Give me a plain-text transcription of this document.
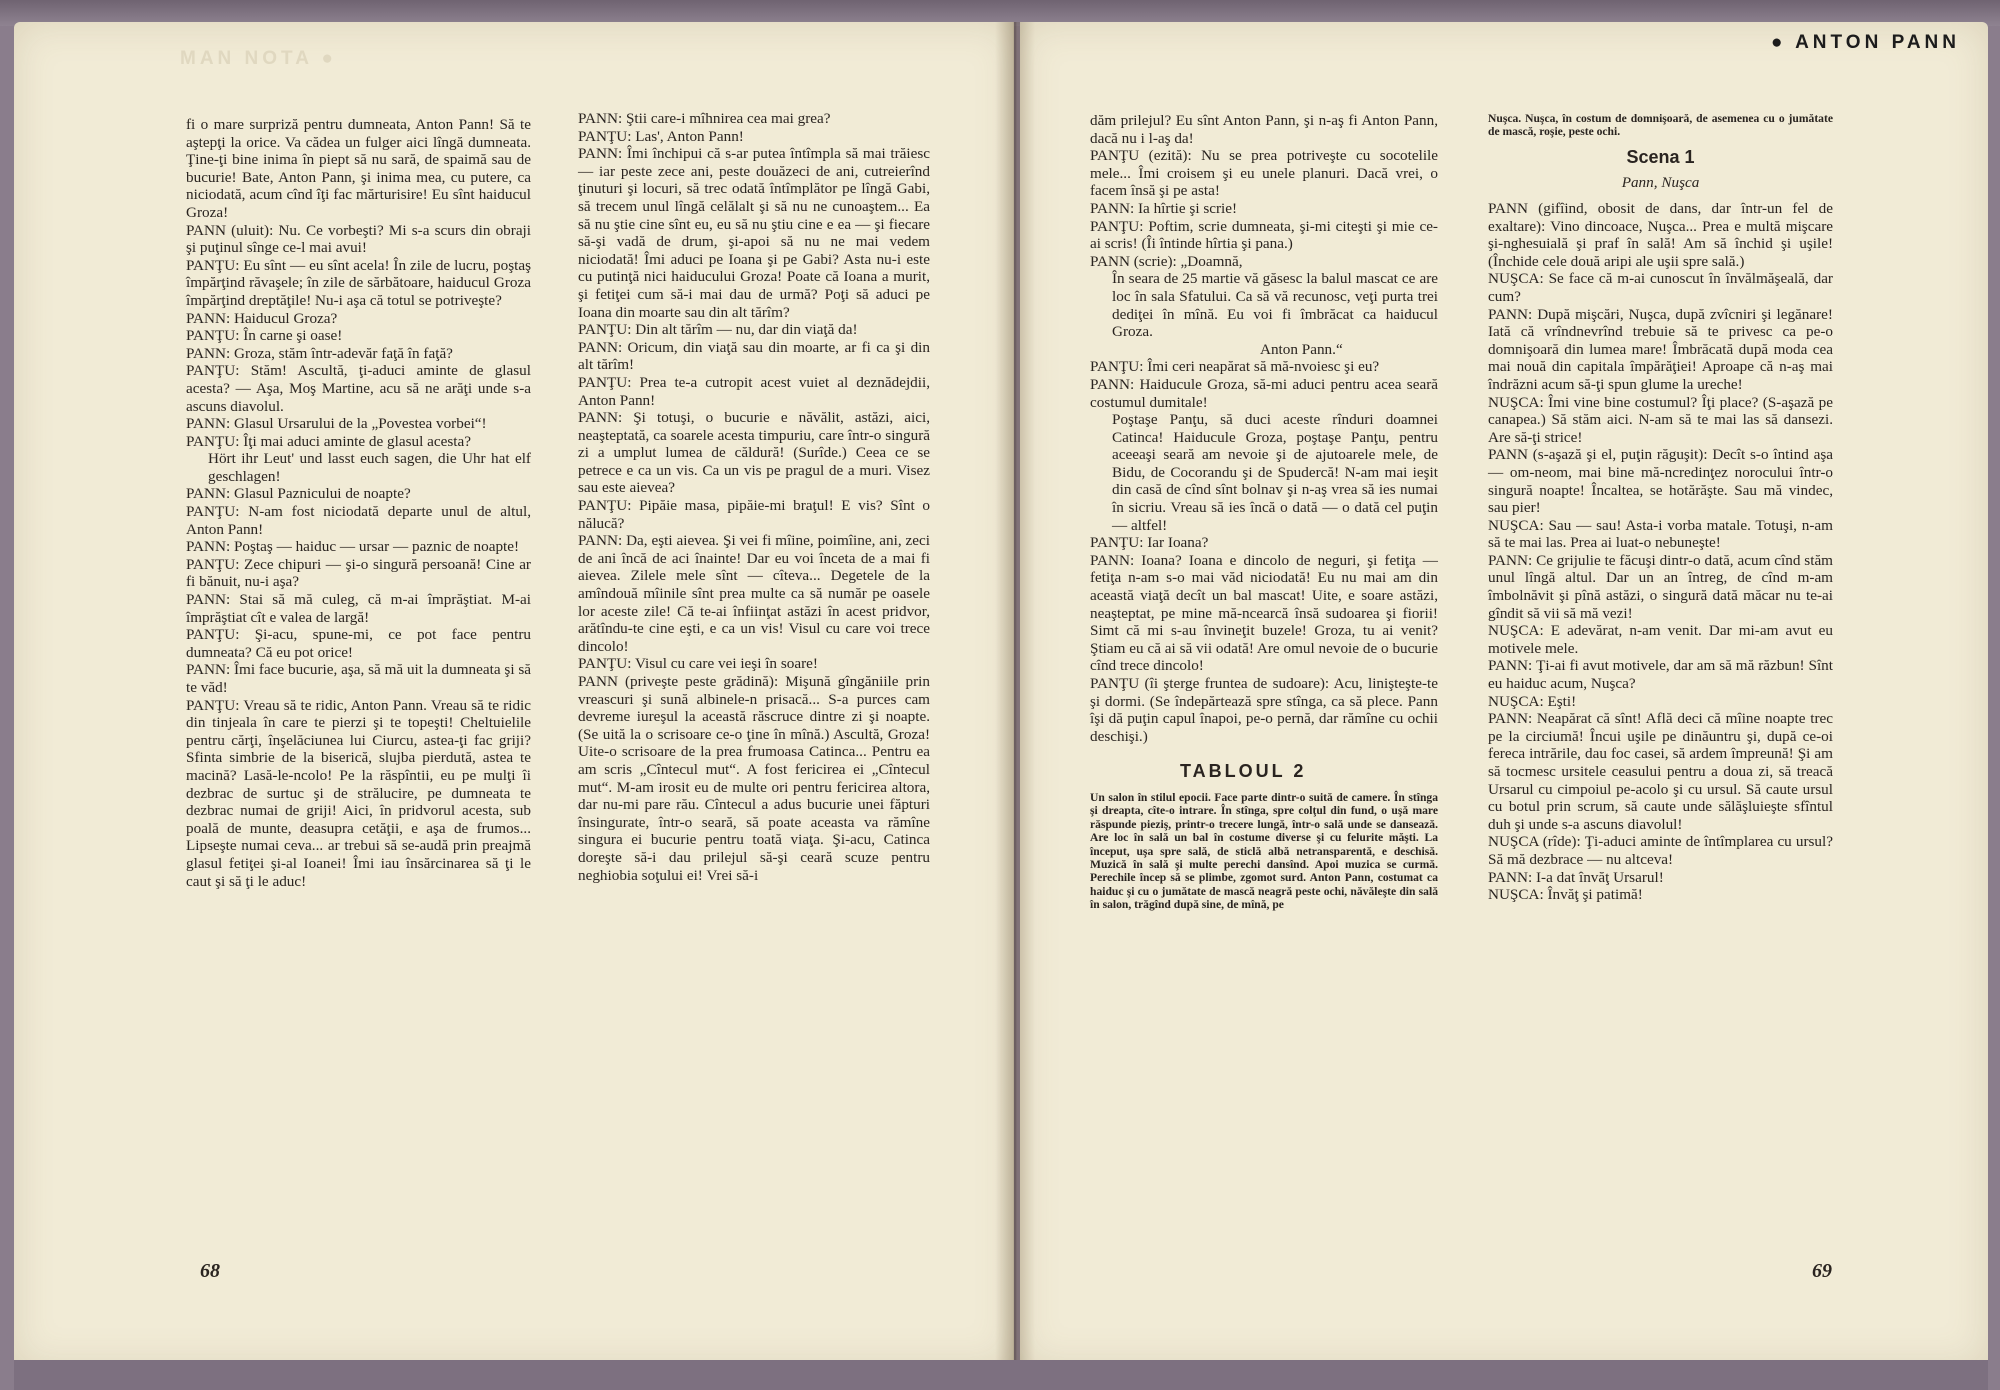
MAN NOTA ●
● ANTON PANN

fi o mare surpriză pentru dumneata, Anton Pann! Să te aştepţi la orice. Va cădea un fulger aici lîngă dumneata. Ţine-ţi bine inima în piept să nu sară, de spaimă sau de bucurie! Bate, Anton Pann, şi inima mea, cu putere, ca niciodată, acum cînd îţi fac mărturisire! Eu sînt haiducul Groza!

PANN (uluit): Nu. Ce vorbeşti? Mi s-a scurs din obraji şi puţinul sînge ce-l mai avui!

PANŢU: Eu sînt — eu sînt acela! În zile de lucru, poştaş împărţind răvaşele; în zile de sărbătoare, haiducul Groza împărţind dreptăţile! Nu-i aşa că totul se potriveşte?

PANN: Haiducul Groza?

PANŢU: În carne şi oase!

PANN: Groza, stăm într-adevăr faţă în faţă?

PANŢU: Stăm! Ascultă, ţi-aduci aminte de glasul acesta? — Aşa, Moş Martine, acu să ne arăţi unde s-a ascuns diavolul.

PANN: Glasul Ursarului de la „Povestea vorbei“!

PANŢU: Îţi mai aduci aminte de glasul acesta?

Hört ihr Leut' und lasst euch sagen, die Uhr hat elf geschlagen!

PANN: Glasul Paznicului de noapte?

PANŢU: N-am fost niciodată departe unul de altul, Anton Pann!

PANN: Poştaş — haiduc — ursar — paznic de noapte!

PANŢU: Zece chipuri — şi-o singură persoană! Cine ar fi bănuit, nu-i aşa?

PANN: Stai să mă culeg, că m-ai împrăştiat. M-ai împrăştiat cît e valea de largă!

PANŢU: Şi-acu, spune-mi, ce pot face pentru dumneata? Că eu pot orice!

PANN: Îmi face bucurie, aşa, să mă uit la dumneata şi să te văd!

PANŢU: Vreau să te ridic, Anton Pann. Vreau să te ridic din tinjeala în care te pierzi şi te topeşti! Cheltuielile pentru cărţi, înşelăciunea lui Ciurcu, astea-ţi fac griji? Sfinta simbrie de la biserică, slujba pierdută, astea te macină? Lasă-le-ncolo! Pe la răspîntii, eu pe mulţi îi dezbrac de surtuc şi de strălucire, pe dumneata te dezbrac numai de griji! Aici, în pridvorul acesta, sub poală de munte, deasupra cetăţii, e aşa de frumos... Lipseşte numai ceva... ar trebui să se-audă prin preajmă glasul fetiţei şi-al Ioanei! Îmi iau însărcinarea să ţi le caut şi să ţi le aduc!

PANN: Ştii care-i mîhnirea cea mai grea?

PANŢU: Las', Anton Pann!

PANN: Îmi închipui că s-ar putea întîmpla să mai trăiesc — iar peste zece ani, peste douăzeci de ani, cutreierînd ţinuturi şi locuri, să trec odată întîmplător pe lîngă Gabi, să trecem unul lîngă celălalt şi să nu ne cunoaştem... Ea să nu ştie cine sînt eu, eu să nu ştiu cine e ea — şi fiecare să-şi vadă de drum, şi-apoi să nu ne mai vedem niciodată! Îmi aduci pe Ioana şi pe Gabi? Asta nu-i este cu putinţă nici haiducului Groza! Poate că Ioana a murit, şi fetiţei cum să-i mai dau de urmă? Poţi să aduci pe Ioana din moarte sau din alt tărîm?

PANŢU: Din alt tărîm — nu, dar din viaţă da!

PANN: Oricum, din viaţă sau din moarte, ar fi ca şi din alt tărîm!

PANŢU: Prea te-a cutropit acest vuiet al deznădejdii, Anton Pann!

PANN: Şi totuşi, o bucurie e năvălit, astăzi, aici, neaşteptată, ca soarele acesta timpuriu, care într-o singură zi a umplut lumea de căldură! (Surîde.) Ceea ce se petrece e ca un vis. Ca un vis pe pragul de a muri. Visez sau este aievea?

PANŢU: Pipăie masa, pipăie-mi braţul! E vis? Sînt o nălucă?

PANN: Da, eşti aievea. Şi vei fi mîine, poimîine, ani, zeci de ani încă de aci înainte! Dar eu voi înceta de a mai fi aievea. Zilele mele sînt — cîteva... Degetele de la amîndouă mîinile sînt prea multe ca să număr pe oasele lor aceste zile! Că te-ai înfiinţat astăzi în acest pridvor, arătîndu-te cine eşti, e ca un vis! Visul cu care voi trece dincolo!

PANŢU: Visul cu care vei ieşi în soare!

PANN (priveşte peste grădină): Mişună gîngăniile prin vreascuri şi sună albinele-n prisacă... S-a purces cam devreme iureşul la această răscruce dintre zi şi noapte. (Se uită la o scrisoare ce-o ţine în mînă.) Ascultă, Groza! Uite-o scrisoare de la prea frumoasa Catinca... Pentru ea am scris „Cîntecul mut“. A fost fericirea ei „Cîntecul mut“. M-am irosit eu de multe ori pentru fericirea altora, dar nu-mi pare rău. Cîntecul a adus bucurie unei făpturi însingurate, într-o seară, să poate aceasta va rămîne singura ei bucurie pentru toată viaţa. Şi-acu, Catinca doreşte să-i dau prilejul să-şi ceară scuze pentru neghiobia soţului ei! Vrei să-i

dăm prilejul? Eu sînt Anton Pann, şi n-aş fi Anton Pann, dacă nu i l-aş da!

PANŢU (ezită): Nu se prea potriveşte cu socotelile mele... Îmi croisem şi eu unele planuri. Dacă vrei, o facem însă şi pe asta!

PANN: Ia hîrtie şi scrie!

PANŢU: Poftim, scrie dumneata, şi-mi citeşti şi mie ce-ai scris! (Îi întinde hîrtia şi pana.)

PANN (scrie): „Doamnă,

În seara de 25 martie vă găsesc la balul mascat ce are loc în sala Sfatului. Ca să vă recunosc, veţi purta trei dediţei în mînă. Eu voi fi îmbrăcat ca haiducul Groza.

Anton Pann.“

PANŢU: Îmi ceri neapărat să mă-nvoiesc şi eu?

PANN: Haiducule Groza, să-mi aduci pentru acea seară costumul dumitale!

Poştaşe Panţu, să duci aceste rînduri doamnei Catinca! Haiducule Groza, poştaşe Panţu, pentru aceeaşi seară am nevoie şi de ajutoarele mele, de Bidu, de Cocorandu şi de Spudercă! N-am mai ieşit din casă de cînd sînt bolnav şi n-aş vrea să ies numai în sicriu. Vreau să ies încă o dată — o dată cel puţin — altfel!

PANŢU: Iar Ioana?

PANN: Ioana? Ioana e dincolo de neguri, şi fetiţa — fetiţa n-am s-o mai văd niciodată! Eu nu mai am din această viaţă decît un bal mascat! Uite, e soare astăzi, neaşteptat, pe mine mă-ncearcă însă sudoarea şi fiorii! Simt că mi s-au învineţit buzele! Groza, tu ai venit? Ştiam eu că ai să vii odată! Are omul nevoie de o bucurie cînd trece dincolo!

PANŢU (îi şterge fruntea de sudoare): Acu, linişteşte-te şi dormi. (Se îndepărtează spre stînga, ca să plece. Pann îşi dă puţin capul înapoi, pe-o pernă, dar rămîne cu ochii deschişi.)

TABLOUL 2

Un salon în stilul epocii. Face parte dintr-o suită de camere. În stînga şi dreapta, cîte-o intrare. În stînga, spre colţul din fund, o uşă mare răspunde pieziş, printr-o trecere lungă, într-o sală unde se dansează. Are loc în sală un bal în costume diverse şi cu felurite măşti. La început, uşa spre sală, de sticlă albă netransparentă, e deschisă. Muzică în sală şi multe perechi dansînd. Apoi muzica se curmă. Perechile încep să se plimbe, zgomot surd. Anton Pann, costumat ca haiduc şi cu o jumătate de mască neagră peste ochi, năvăleşte din sală în salon, trăgînd după sine, de mînă, pe

Nuşca. Nuşca, în costum de domnişoară, de asemenea cu o jumătate de mască, roşie, peste ochi.

Scena 1
Pann, Nuşca

PANN (gifîind, obosit de dans, dar într-un fel de exaltare): Vino dincoace, Nuşca... Prea e multă mişcare şi-nghesuială şi praf în sală! Am să închid şi uşile! (Închide cele două aripi ale uşii spre sală.)

NUŞCA: Se face că m-ai cunoscut în învălmăşeală, dar cum?

PANN: După mişcări, Nuşca, după zvîcniri şi legănare! Iată că vrîndnevrînd trebuie să te privesc ca pe-o domnişoară din lumea mare! Îmbrăcată după moda cea mai nouă din capitala împărăţiei! Aproape că n-aş mai îndrăzni acum să-ţi spun glume la ureche!

NUŞCA: Îmi vine bine costumul? Îţi place? (S-aşază pe canapea.) Să stăm aici. N-am să te mai las să dansezi. Are să-ţi strice!

PANN (s-aşază şi el, puţin răguşit): Decît s-o întind aşa — om-neom, mai bine mă-ncredinţez norocului într-o singură noapte! Încaltea, se hotărăşte. Sau mă vindec, sau pier!

NUŞCA: Sau — sau! Asta-i vorba matale. Totuşi, n-am să te mai las. Prea ai luat-o nebuneşte!

PANN: Ce grijulie te făcuşi dintr-o dată, acum cînd stăm unul lîngă altul. Dar un an întreg, de cînd m-am îmbolnăvit şi pînă astăzi, o singură dată măcar nu te-ai gîndit să vii să mă vezi!

NUŞCA: E adevărat, n-am venit. Dar mi-am avut eu motivele mele.

PANN: Ţi-ai fi avut motivele, dar am să mă răzbun! Sînt eu haiduc acum, Nuşca?

NUŞCA: Eşti!

PANN: Neapărat că sînt! Află deci că mîine noapte trec pe la circiumă! Încui uşile pe dinăuntru şi, după ce-oi fereca intrările, dau foc casei, să ardem împreună! Şi am să tocmesc ursitele ceasului pentru a doua zi, să treacă Ursarul cu cimpoiul pe-acolo şi cu ursul. Să caute ursul cu botul prin scrum, să caute unde sălăşluieşte sfîntul duh şi unde s-a ascuns diavolul!

NUŞCA (rîde): Ţi-aduci aminte de întîmplarea cu ursul? Să mă dezbrace — nu altceva!

PANN: I-a dat învăţ Ursarul!

NUŞCA: Învăţ şi patimă!

68	69
